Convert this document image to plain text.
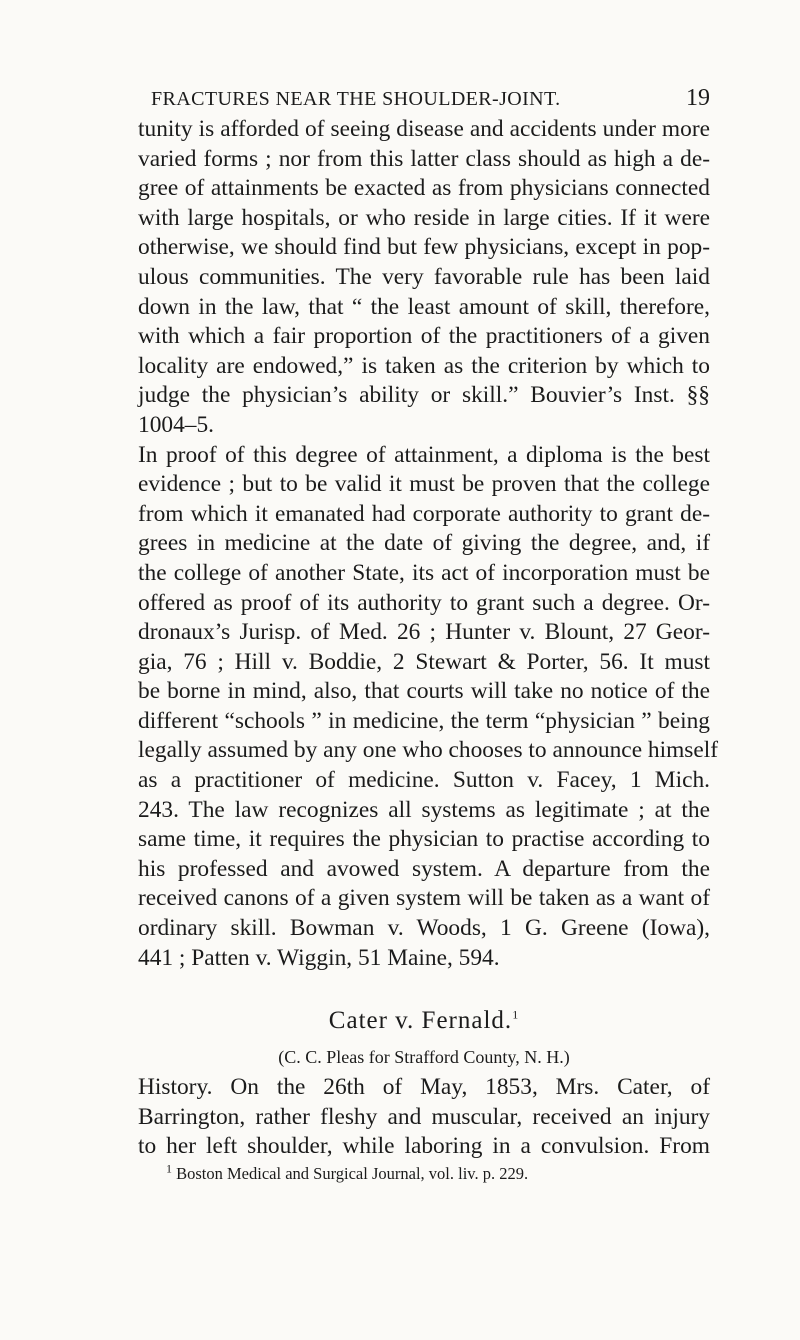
FRACTURES NEAR THE SHOULDER-JOINT.	19
tunity is afforded of seeing disease and accidents under more
varied forms ; nor from this latter class should as high a de-
gree of attainments be exacted as from physicians connected
with large hospitals, or who reside in large cities. If it were
otherwise, we should find but few physicians, except in pop-
ulous communities. The very favorable rule has been laid
down in the law, that “ the least amount of skill, therefore,
with which a fair proportion of the practitioners of a given
locality are endowed,” is taken as the criterion by which to
judge the physician’s ability or skill.” Bouvier’s Inst. §§
1004–5.
In proof of this degree of attainment, a diploma is the best
evidence ; but to be valid it must be proven that the college
from which it emanated had corporate authority to grant de-
grees in medicine at the date of giving the degree, and, if
the college of another State, its act of incorporation must be
offered as proof of its authority to grant such a degree. Or-
dronaux’s Jurisp. of Med. 26 ; Hunter v. Blount, 27 Geor-
gia, 76 ; Hill v. Boddie, 2 Stewart & Porter, 56. It must
be borne in mind, also, that courts will take no notice of the
different “schools ” in medicine, the term “physician ” being
legally assumed by any one who chooses to announce himself
as a practitioner of medicine. Sutton v. Facey, 1 Mich.
243. The law recognizes all systems as legitimate ; at the
same time, it requires the physician to practise according to
his professed and avowed system. A departure from the
received canons of a given system will be taken as a want of
ordinary skill. Bowman v. Woods, 1 G. Greene (Iowa),
441 ; Patten v. Wiggin, 51 Maine, 594.
Cater v. Fernald.$^1$
(C. C. Pleas for Strafford County, N. H.)
History. On the 26th of May, 1853, Mrs. Cater, of
Barrington, rather fleshy and muscular, received an injury
to her left shoulder, while laboring in a convulsion. From
$^1$ Boston Medical and Surgical Journal, vol. liv. p. 229.
